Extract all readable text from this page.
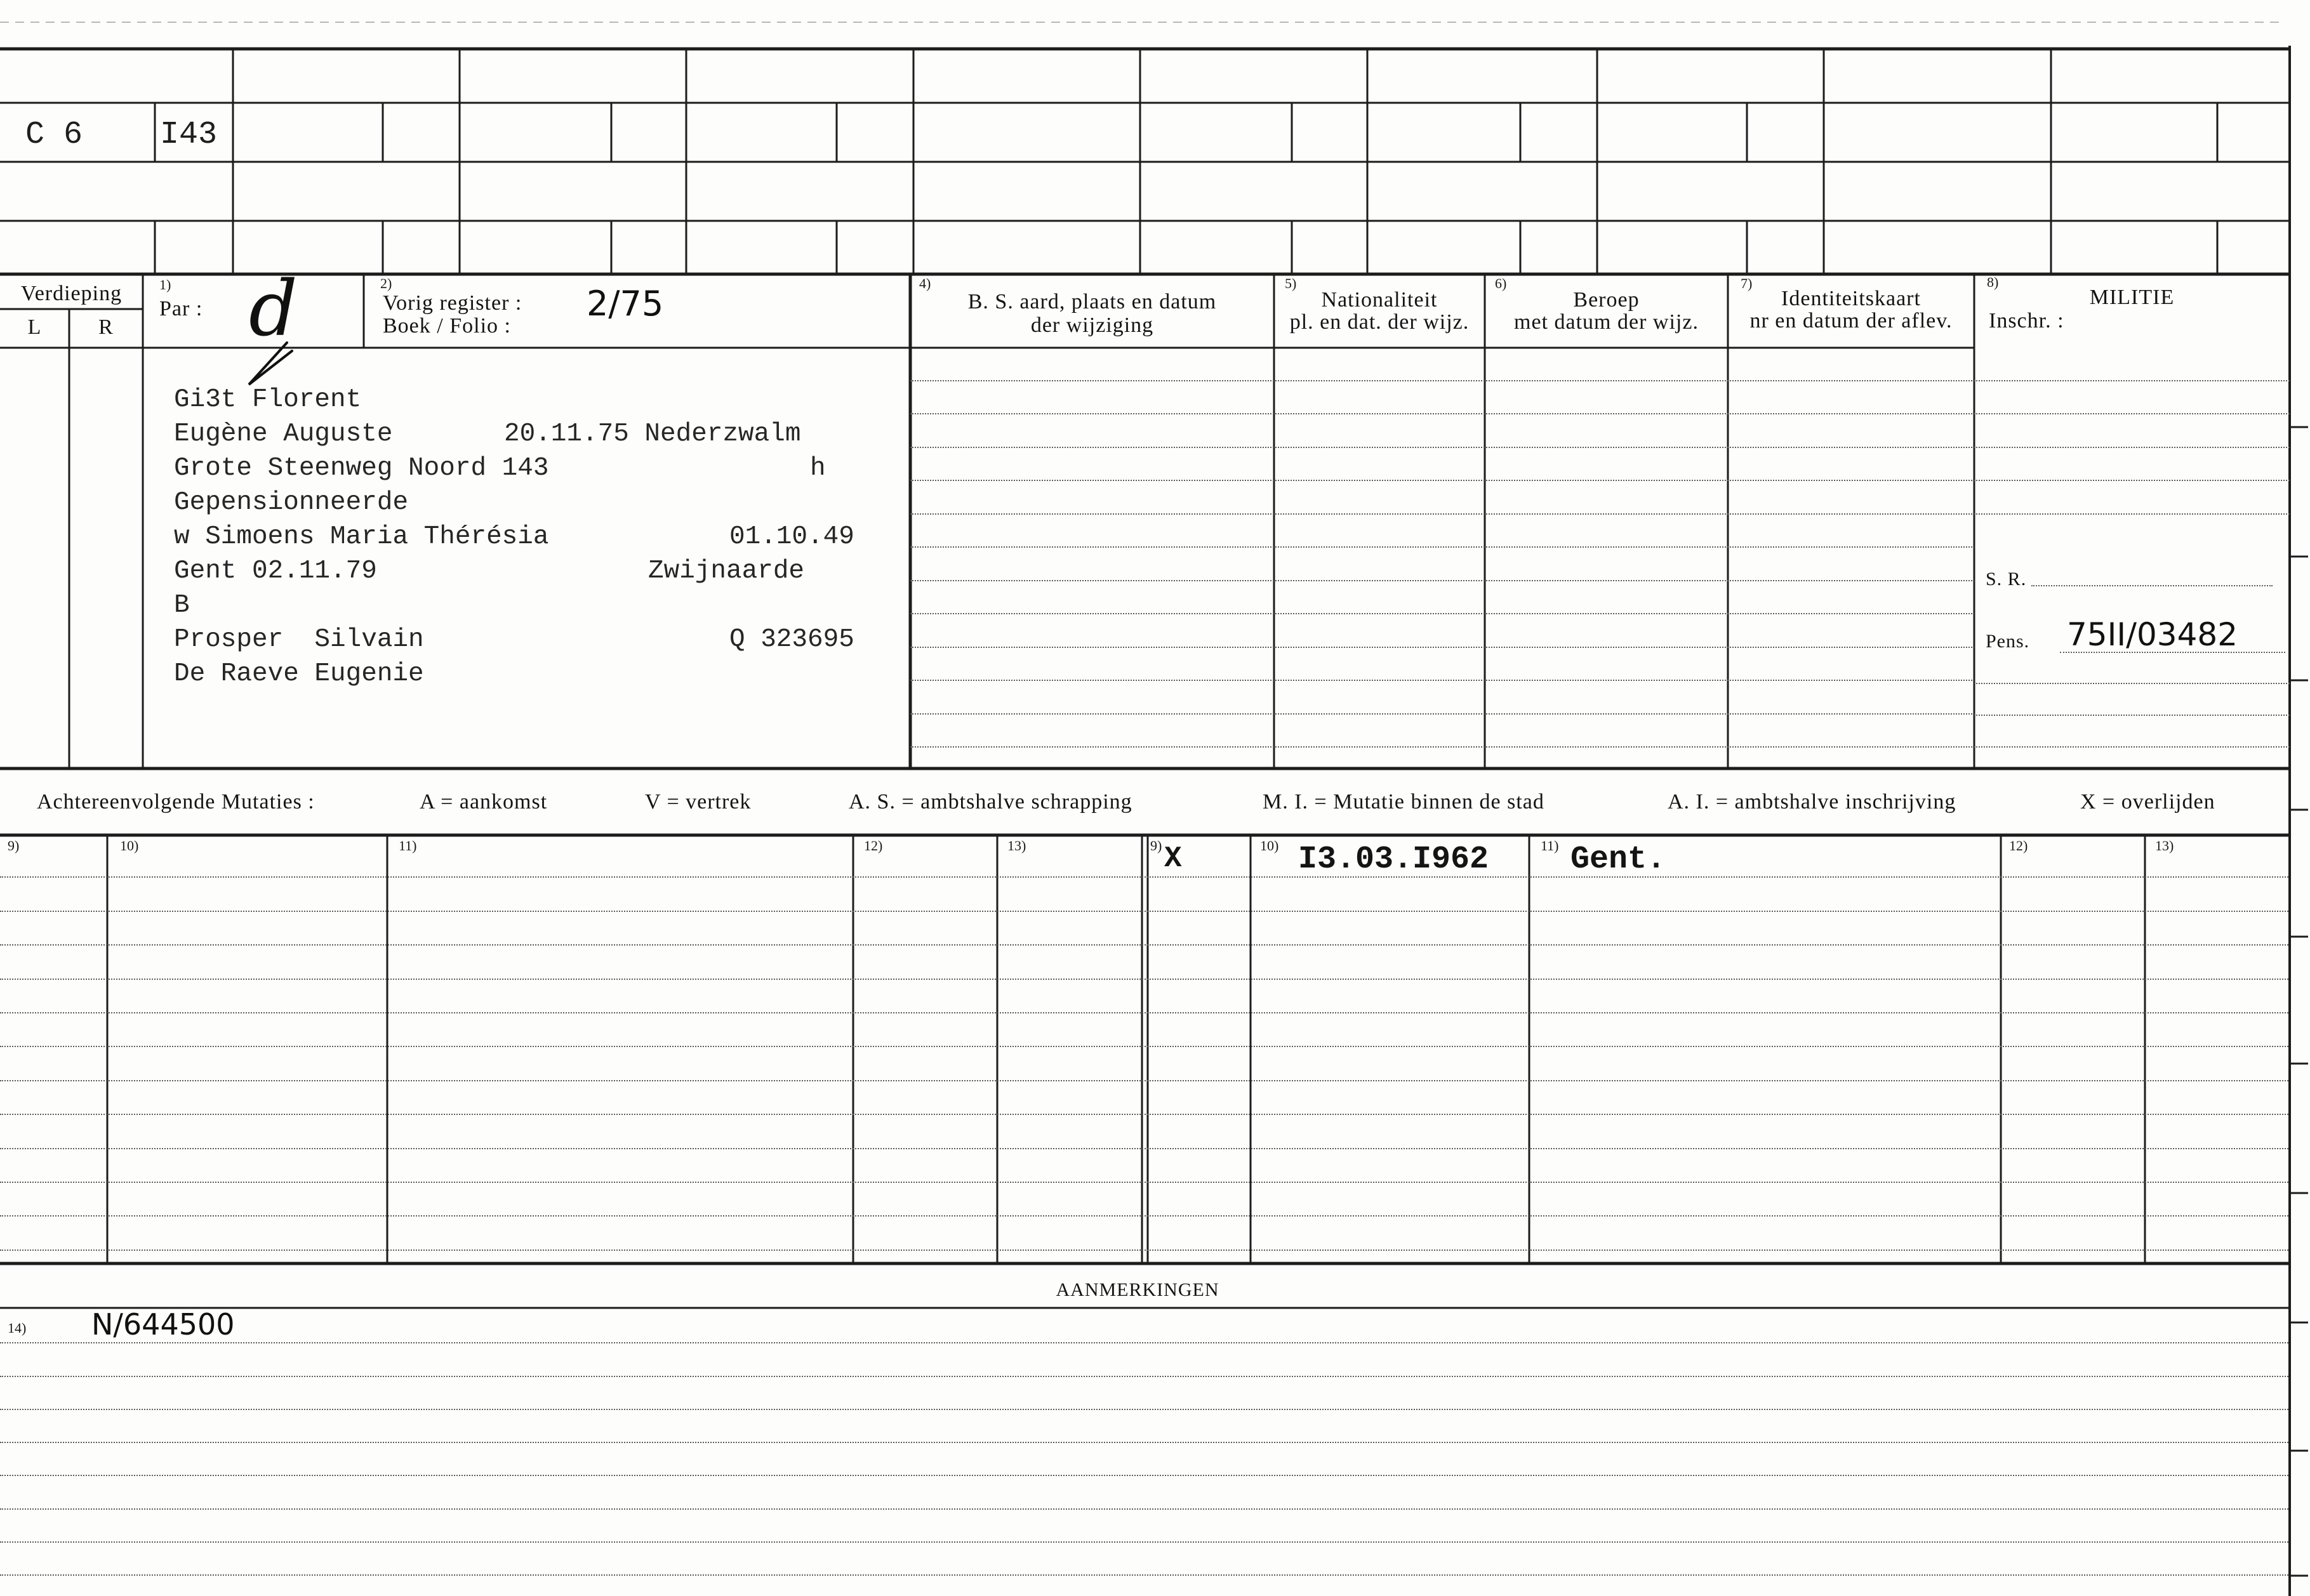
C 6 I43
Verdieping
L	R
1)
Par : d	2)
Vorig register : 2/75
Boek / Folio :
4)
B. S. aard, plaats en datum
der wijziging
5)
Nationaliteit
pl. en dat. der wijz.
6)
Beroep
met datum der wijz.
7)
Identiteitskaart
nr en datum der aflev.
8)
MILITIE
Inschr. :
S. R.
Pens. 75II/03482
Gi3t Florent
Eugène Auguste	20.11.75 Nederzwalm
Grote Steenweg Noord 143	h
Gepensionneerde
w Simoens Maria Thérésia	01.10.49
Gent 02.11.79	Zwijnaarde
B
Prosper  Silvain	Q 323695
De Raeve Eugenie
Achtereenvolgende Mutaties :	A = aankomst	V = vertrek	A. S. = ambtshalve schrapping	M. I. = Mutatie binnen de stad	A. I. = ambtshalve inschrijving	X = overlijden
9)	10)	11)	12)	13)	9)	10)	11)	12)	13)
X	I3.03.I962	Gent.
AANMERKINGEN
14) N/644500
